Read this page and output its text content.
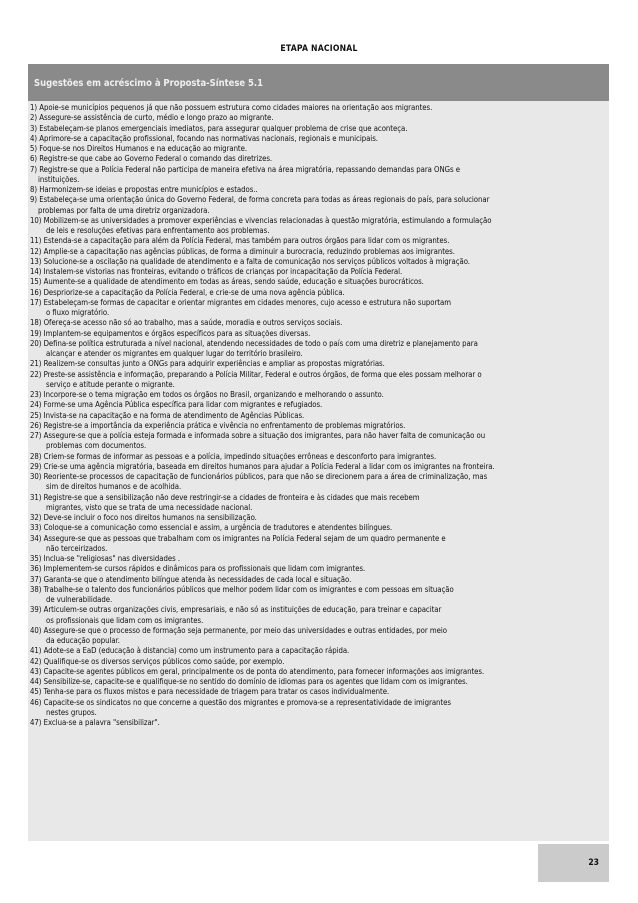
ETAPA NACIONAL
Sugestões em acréscimo à Proposta-Síntese 5.1
1) Apoie-se municípios pequenos já que não possuem estrutura como cidades maiores na orientação aos migrantes.
2) Assegure-se assistência de curto, médio e longo prazo ao migrante.
3) Estabeleçam-se planos emergenciais imediatos, para assegurar qualquer problema de crise que aconteça.
4) Aprimore-se a capacitação profissional, focando nas normativas nacionais, regionais e municipais.
5) Foque-se nos Direitos Humanos e na educação ao migrante.
6) Registre-se que cabe ao Governo Federal o comando das diretrizes.
7) Registre-se que a Polícia Federal não participa de maneira efetiva na área migratória, repassando demandas para ONGs e
instituições.
8) Harmonizem-se ideias e propostas entre municípios e estados..
9) Estabeleça-se uma orientação única do Governo Federal, de forma concreta para todas as áreas regionais do país, para solucionar
problemas por falta de uma diretriz organizadora.
10) Mobilizem-se as universidades a promover experiências e vivencias relacionadas à questão migratória, estimulando a formulação
de leis e resoluções efetivas para enfrentamento aos problemas.
11) Estenda-se a capacitação para além da Polícia Federal, mas também para outros órgãos para lidar com os migrantes.
12) Amplie-se a capacitação nas agências públicas, de forma a diminuir a burocracia, reduzindo problemas aos imigrantes.
13) Solucione-se a oscilação na qualidade de atendimento e a falta de comunicação nos serviços públicos voltados à migração.
14) Instalem-se vistorias nas fronteiras, evitando o tráficos de crianças por incapacitação da Polícia Federal.
15) Aumente-se a qualidade de atendimento em todas as áreas, sendo saúde, educação e situações burocráticos.
16) Despriorize-se a capacitação da Polícia Federal, e crie-se de uma nova agência pública.
17) Estabeleçam-se formas de capacitar e orientar migrantes em cidades menores, cujo acesso e estrutura não suportam
o fluxo migratório.
18) Ofereça-se acesso não só ao trabalho, mas a saúde, moradia e outros serviços sociais.
19) Implantem-se equipamentos e órgãos específicos para as situações diversas.
20) Defina-se política estruturada a nível nacional, atendendo necessidades de todo o país com uma diretriz e planejamento para
alcançar e atender os migrantes em qualquer lugar do território brasileiro.
21) Realizem-se consultas junto a ONGs para adquirir experiências e ampliar as propostas migratórias.
22) Preste-se assistência e informação, preparando a Polícia Militar, Federal e outros órgãos, de forma que eles possam melhorar o
serviço e atitude perante o migrante.
23) Incorpore-se o tema migração em todos os órgãos no Brasil, organizando e melhorando o assunto.
24) Forme-se uma Agência Pública específica para lidar com migrantes e refugiados.
25) Invista-se na capacitação e na forma de atendimento de Agências Públicas.
26) Registre-se a importância da experiência prática e vivência no enfrentamento de problemas migratórios.
27) Assegure-se que a polícia esteja formada e informada sobre a situação dos imigrantes, para não haver falta de comunicação ou
problemas com documentos.
28) Criem-se formas de informar as pessoas e a polícia, impedindo situações errôneas e desconforto para imigrantes.
29) Crie-se uma agência migratória, baseada em direitos humanos para ajudar a Polícia Federal a lidar com os imigrantes na fronteira.
30) Reoriente-se processos de capacitação de funcionários públicos, para que não se direcionem para a área de criminalização, mas
sim de direitos humanos e de acolhida.
31) Registre-se que a sensibilização não deve restringir-se a cidades de fronteira e às cidades que mais recebem
migrantes, visto que se trata de uma necessidade nacional.
32) Deve-se incluir o foco nos direitos humanos na sensibilização.
33) Coloque-se a comunicação como essencial e assim, a urgência de tradutores e atendentes bilíngues.
34) Assegure-se que as pessoas que trabalham com os imigrantes na Polícia Federal sejam de um quadro permanente e
não terceirizados.
35) Inclua-se "religiosas" nas diversidades .
36) Implementem-se cursos rápidos e dinâmicos para os profissionais que lidam com imigrantes.
37) Garanta-se que o atendimento bilíngue atenda às necessidades de cada local e situação.
38) Trabalhe-se o talento dos funcionários públicos que melhor podem lidar com os imigrantes e com pessoas em situação
de vulnerabilidade.
39) Articulem-se outras organizações civis, empresariais, e não só as instituições de educação, para treinar e capacitar
os profissionais que lidam com os imigrantes.
40) Assegure-se que o processo de formação seja permanente, por meio das universidades e outras entidades, por meio
da educação popular.
41) Adote-se a EaD (educação à distancia) como um instrumento para a capacitação rápida.
42) Qualifique-se os diversos serviços públicos como saúde, por exemplo.
43) Capacite-se agentes públicos em geral, principalmente os de ponta do atendimento, para fornecer informações aos imigrantes.
44) Sensibilize-se, capacite-se e qualifique-se no sentido do domínio de idiomas para os agentes que lidam com os imigrantes.
45) Tenha-se para os fluxos mistos e para necessidade de triagem para tratar os casos individualmente.
46) Capacite-se os sindicatos no que concerne a questão dos migrantes e promova-se a representatividade de imigrantes
nestes grupos.
47) Exclua-se a palavra "sensibilizar".
23
